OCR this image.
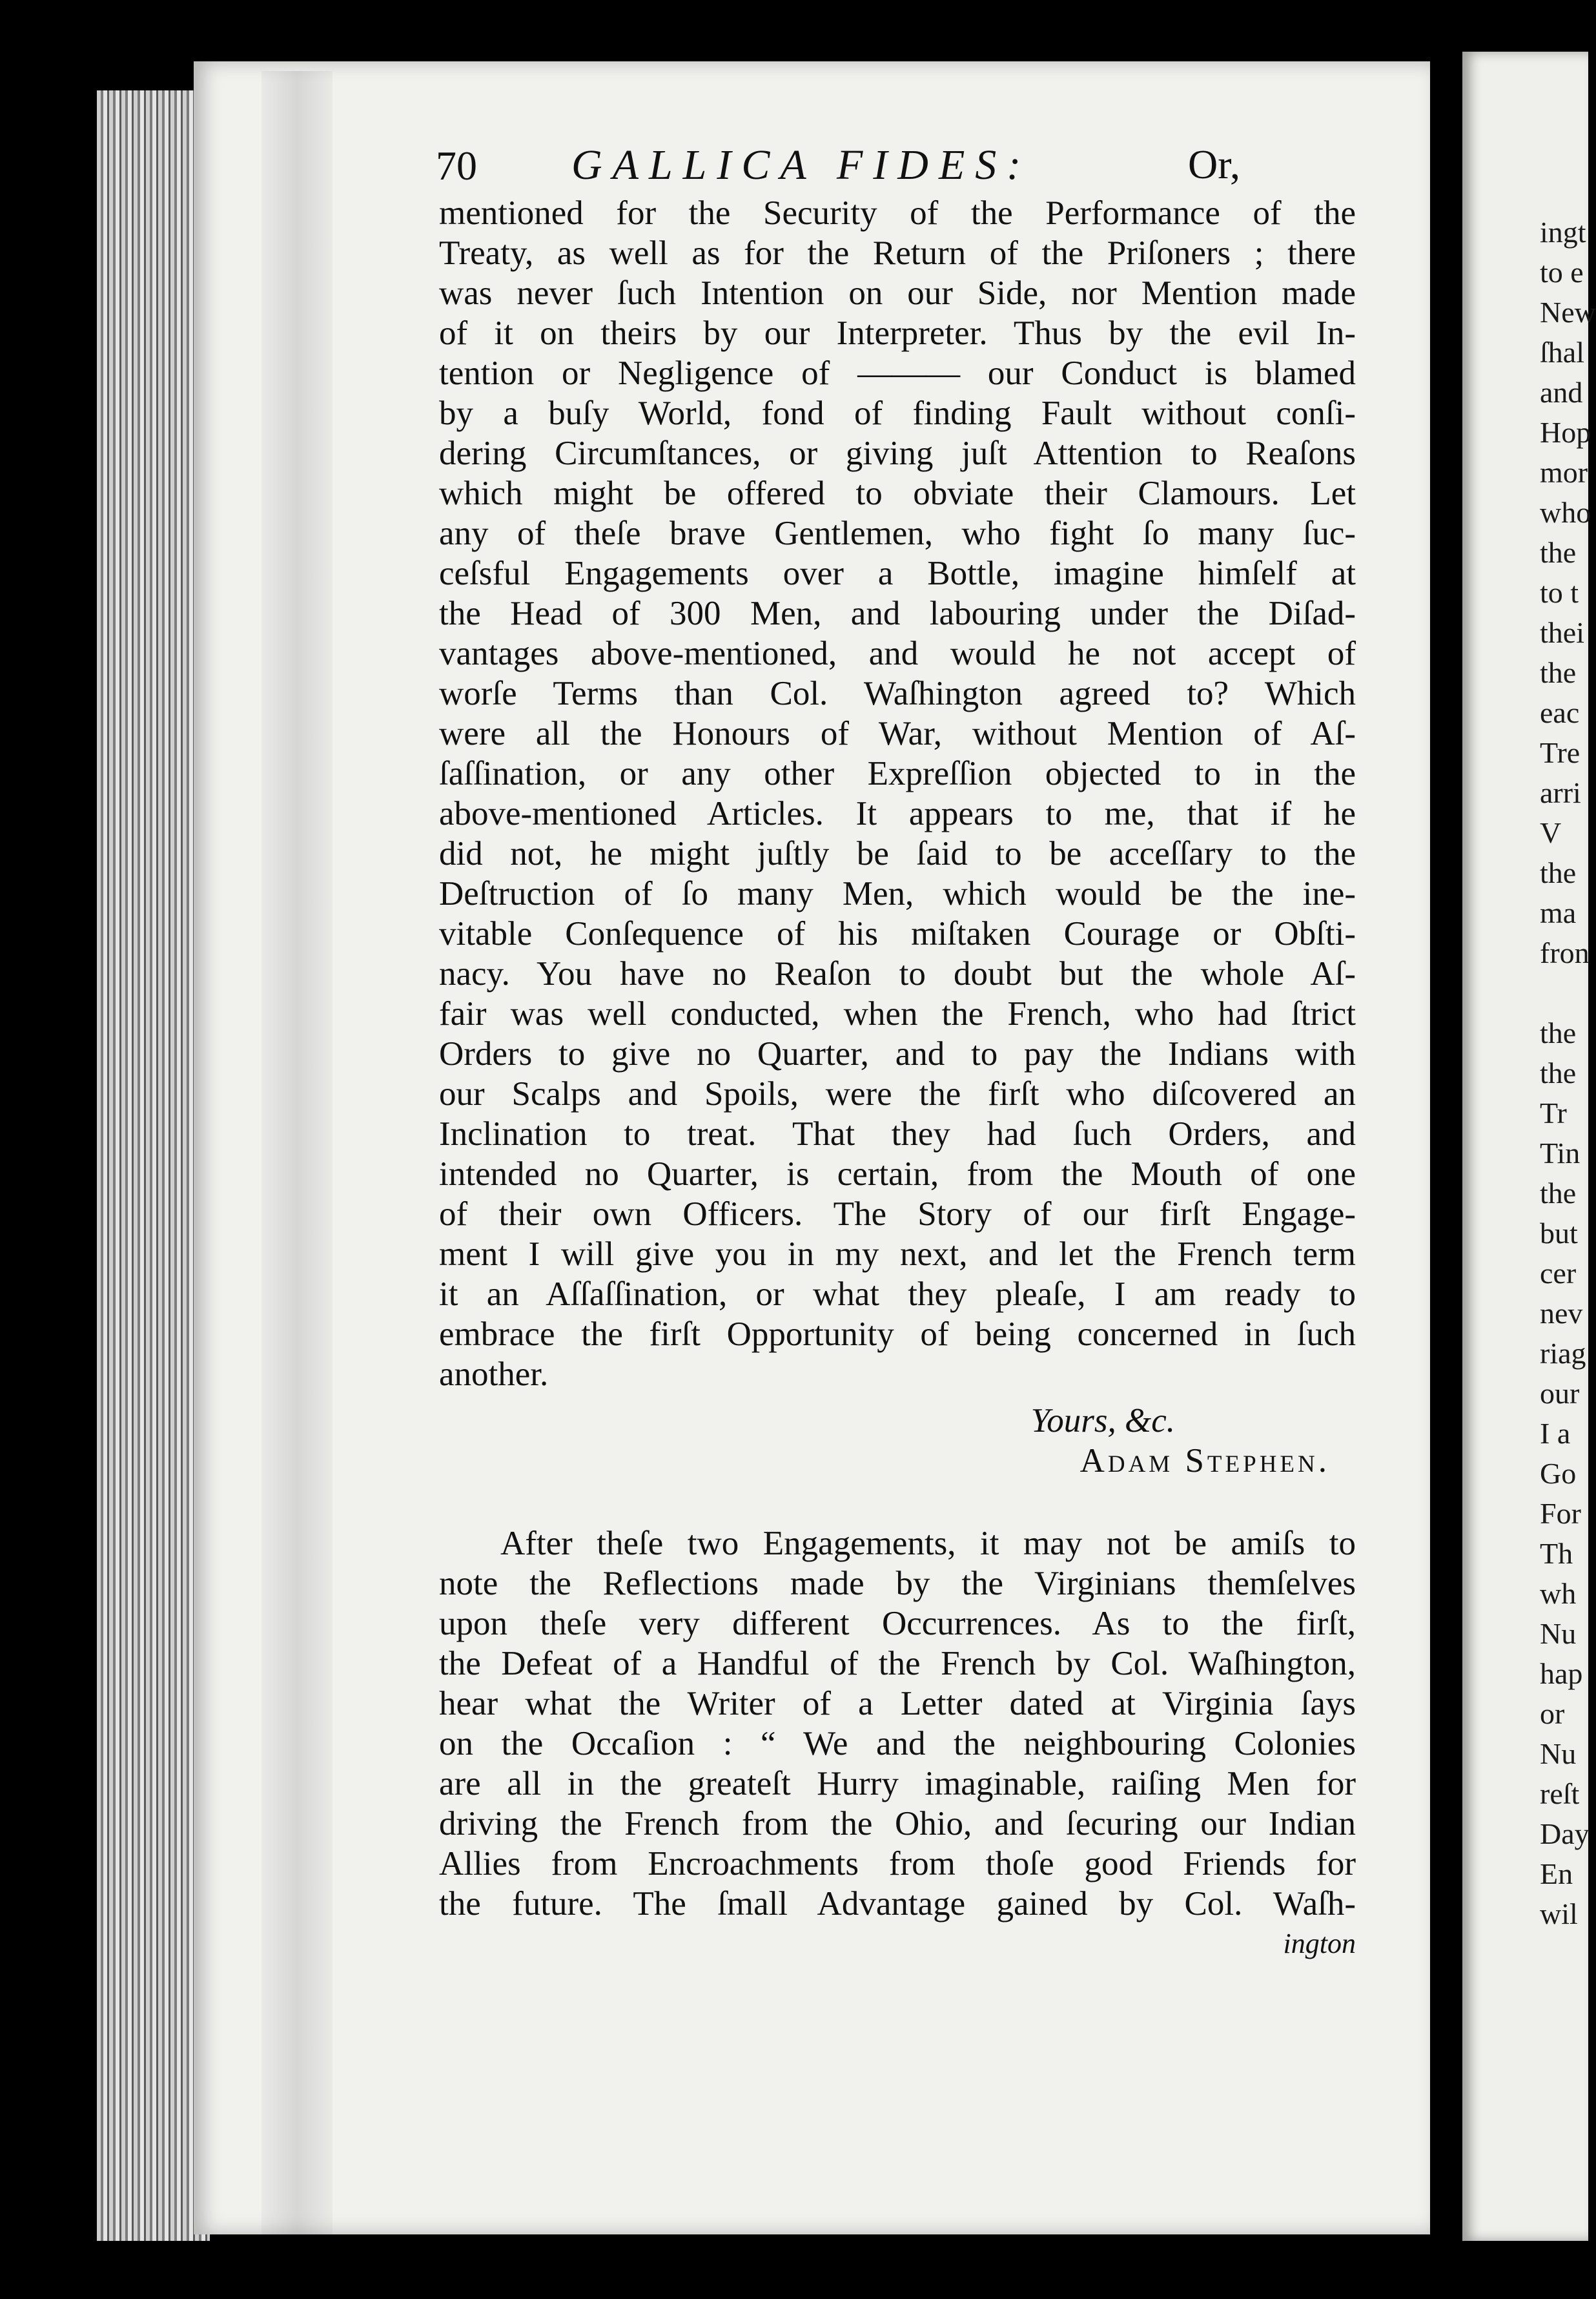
ingt
to e
New
ſhal
and
Hop
mor
who
the
to t
thei
the
eac
Tre
arri
V
the
ma
fron
the
the
Tr
Tin
the
but
cer
nev
riag
our
I a
Go
For
Th
wh
Nu
hap
or
Nu
reſt
Day
En
wil
70 GALLICA FIDES:	Or,
mentioned for the Security of the Performance of the
Treaty, as well as for the Return of the Priſoners ; there
was never ſuch Intention on our Side, nor Mention made
of it on theirs by our Interpreter. Thus by the evil In-
tention or Negligence of ——— our Conduct is blamed
by a buſy World, fond of finding Fault without conſi-
dering Circumſtances, or giving juſt Attention to Reaſons
which might be offered to obviate their Clamours. Let
any of theſe brave Gentlemen, who fight ſo many ſuc-
ceſsful Engagements over a Bottle, imagine himſelf at
the Head of 300 Men, and labouring under the Diſad-
vantages above-mentioned, and would he not accept of
worſe Terms than Col. Waſhington agreed to? Which
were all the Honours of War, without Mention of Aſ-
ſaſſination, or any other Expreſſion objected to in the
above-mentioned Articles. It appears to me, that if he
did not, he might juſtly be ſaid to be acceſſary to the
Deſtruction of ſo many Men, which would be the ine-
vitable Conſequence of his miſtaken Courage or Obſti-
nacy. You have no Reaſon to doubt but the whole Aſ-
fair was well conducted, when the French, who had ſtrict
Orders to give no Quarter, and to pay the Indians with
our Scalps and Spoils, were the firſt who diſcovered an
Inclination to treat. That they had ſuch Orders, and
intended no Quarter, is certain, from the Mouth of one
of their own Officers. The Story of our firſt Engage-
ment I will give you in my next, and let the French term
it an Aſſaſſination, or what they pleaſe, I am ready to
embrace the firſt Opportunity of being concerned in ſuch
another.
Yours, &c.
Adam Stephen.
After theſe two Engagements, it may not be amiſs to
note the Reflections made by the Virginians themſelves
upon theſe very different Occurrences. As to the firſt,
the Defeat of a Handful of the French by Col. Waſhington,
hear what the Writer of a Letter dated at Virginia ſays
on the Occaſion : “ We and the neighbouring Colonies
are all in the greateſt Hurry imaginable, raiſing Men for
driving the French from the Ohio, and ſecuring our Indian
Allies from Encroachments from thoſe good Friends for
the future. The ſmall Advantage gained by Col. Waſh-
ington
